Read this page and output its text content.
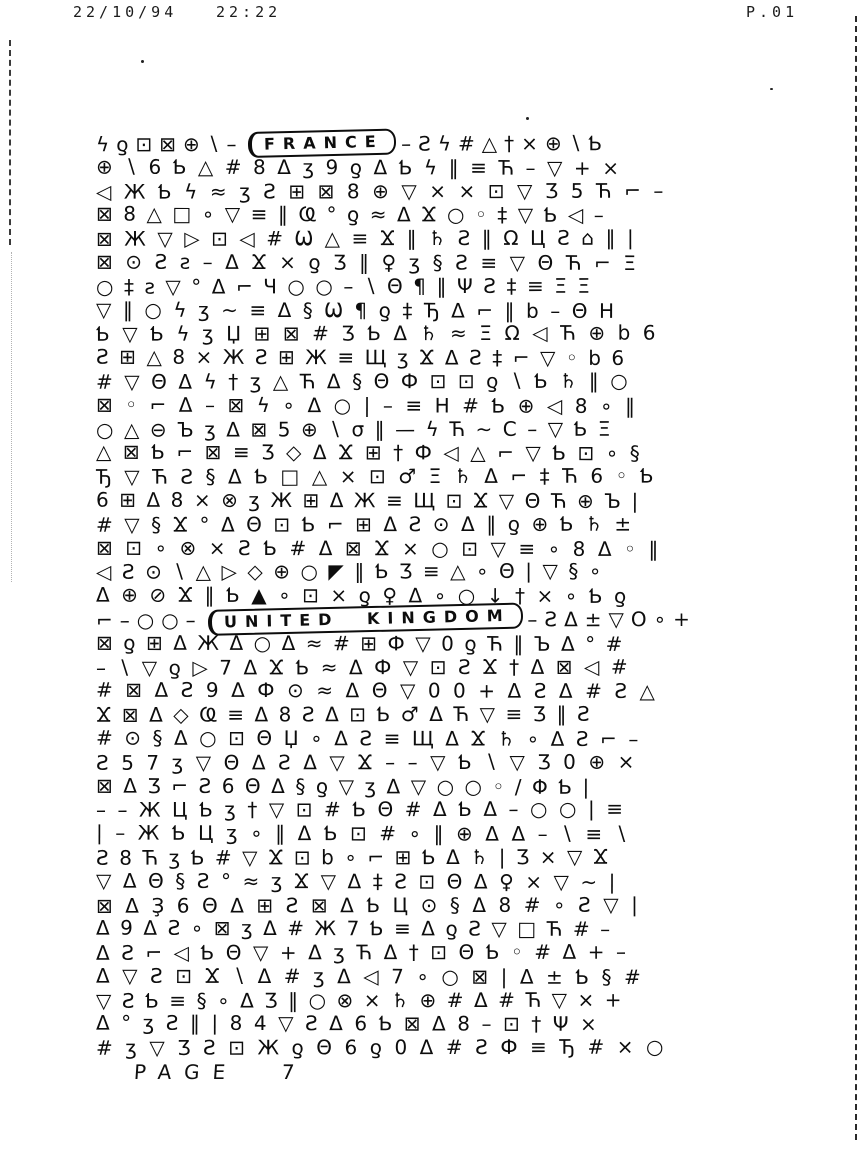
22/10/94	22:22	P.01
ϟƍ⊡⊠⊕∖– FRANCE –Ƨϟ#△†×⊕∖Ƅ
⊕∖6Ƅ△#8Δʒ9ƍΔƄϟ‖≡Ћ–▽+×
◁ЖƄϟ≈ʒƧ⊞⊠8⊕▽××⊡▽Ӡ5Ћ⌐–
⊠8△□∘▽≡‖Ҩ°ƍ≈ΔϪ○◦‡▽Ƅ◁–
⊠Ж▽▷⊡◁#Ѡ△≡Ϫ‖♄Ƨ‖ΩЦƧ⌂‖|
⊠⊙Ƨƨ–ΔϪ×ƍӠ‖♀ʒ§Ƨ≡▽ΘЋ⌐Ξ
○‡ƨ▽°Δ⌐Ч○○–∖Θ¶‖ΨƧ‡≡ΞΞ
▽‖○ϟʒ~≡Δ§Ѡ¶ƍ‡ЂΔ⌐‖b–ΘΗ
Ƅ▽ƄϟʒЏ⊞⊠#ӠƄΔ♄≈ΞΩ◁Ћ⊕b6
Ƨ⊞△8×ЖƧ⊞Ж≡ЩʒϪΔƧ‡⌐▽◦b6
#▽ΘΔϟ†ʒ△ЋΔ§ΘФ⊡⊡ƍ∖Ƅ♄‖○
⊠◦⌐Δ–⊠ϟ∘Δ○|–≡Η#Ƅ⊕◁8∘‖
○△⊖ЪʒΔ⊠5⊕∖σ‖—ϟЋ~С–▽ƄΞ
△⊠Ƅ⌐⊠≡Ӡ◇ΔϪ⊞†Ф◁△⌐▽Ƅ⊡∘§
Ђ▽ЋƧ§ΔƄ□△×⊡♂Ξ♄Δ⌐‡Ћ6◦Ƅ
6⊞Δ8×⊗ʒЖ⊞ΔЖ≡Щ⊡Ϫ▽ΘЋ⊕Ъ|
#▽§Ϫ°ΔΘ⊡Ƅ⌐⊞ΔƧ⊙Δ‖ƍ⊕Ƅ♄±
⊠⊡∘⊗×ƧƄ#Δ⊠Ϫ×○⊡▽≡∘8Δ◦‖
◁Ƨ⊙∖△▷◇⊕○◤‖ƄӠ≡△∘Θ|▽§∘
Δ⊕⊘Ϫ‖Ƅ▲∘⊡×ƍ♀Δ∘○↓†×∘Ƅƍ
⌐–○○– UNITED KINGDOM –ƧΔ±▽O∘+
⊠ƍ⊞ΔЖΔ○Δ≈#⊞Ф▽0ƍЋ‖ЪΔ°#
–∖▽ƍ▷7ΔϪƄ≈ΔФ▽⊡ƧϪ†Δ⊠◁#
#⊠ΔƧ9ΔФ⊙≈ΔΘ▽00+ΔƧΔ#Ƨ△
Ϫ⊠Δ◇Ҩ≡Δ8ƧΔ⊡Ƅ♂ΔЋ▽≡Ӡ‖Ƨ
#⊙§Δ○⊡ΘЏ∘ΔƧ≡ЩΔϪ♄∘ΔƧ⌐–
Ƨ57ʒ▽ΘΔƧΔ▽Ϫ––▽Ƅ∖▽Ӡ0⊕×
⊠ΔӠ⌐Ƨ6ΘΔ§ƍ▽ʒΔ▽○○◦/ΦƄ|
––ЖЦƄʒ†▽⊡#ƄΘ#ΔƄΔ–○○|≡
|–ЖƄЦʒ∘‖ΔƄ⊡#∘‖⊕ΔΔ–∖≡∖
Ƨ8ЋʒƄ#▽Ϫ⊡b∘⌐⊞ƄΔ♄|Ӡ×▽Ϫ
▽ΔΘ§Ƨ°≈ʒϪ▽Δ‡Ƨ⊡ΘΔ♀×▽~|
⊠ΔҘ6ΘΔ⊞Ƨ⊠ΔƄЦ⊙§Δ8#∘Ƨ▽|
Δ9ΔƧ∘⊠ʒΔ#Ж7Ƅ≡ΔƍƧ▽□Ћ#–
ΔƧ⌐◁ƄΘ▽+ΔʒЋΔ†⊡ΘƄ◦#Δ+–
Δ▽Ƨ⊡Ϫ∖Δ#ʒΔ◁7∘○⊠|Δ±Ƅ§#
▽ƧƄ≡§∘ΔӠ‖○⊗×♄⊕#Δ#Ћ▽×+
Δ°ʒƧ‖|84▽ƧΔ6Ƅ⊠Δ8–⊡†Ψ×
#ʒ▽ӠƧ⊡ЖƍΘ6ƍ0Δ#ƧФ≡Ђ#×○
PAGE 7
